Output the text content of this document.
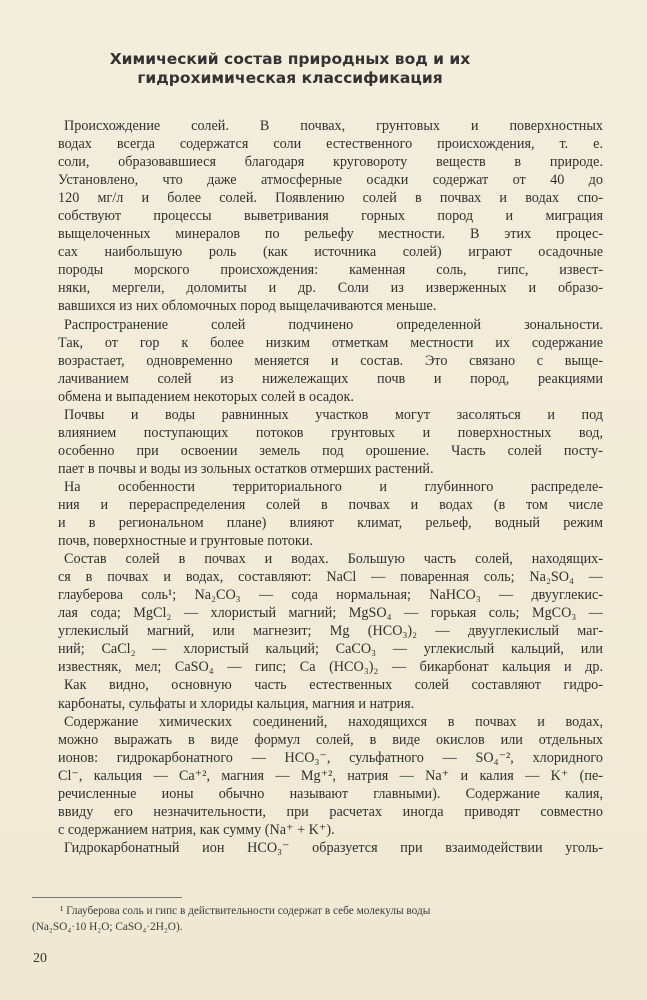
Химический состав природных вод и их
гидрохимическая классификация
Происхождение солей. В почвах, грунтовых и поверхностных
водах всегда содержатся соли естественного происхождения, т. е.
соли, образовавшиеся благодаря круговороту веществ в природе.
Установлено, что даже атмосферные осадки содержат от 40 до
120 мг/л и более солей. Появлению солей в почвах и водах спо-
собствуют процессы выветривания горных пород и миграция
выщелоченных минералов по рельефу местности. В этих процес-
сах наибольшую роль (как источника солей) играют осадочные
породы морского происхождения: каменная соль, гипс, извест-
няки, мергели, доломиты и др. Соли из изверженных и образо-
вавшихся из них обломочных пород выщелачиваются меньше.
Распространение солей подчинено определенной зональности.
Так, от гор к более низким отметкам местности их содержание
возрастает, одновременно меняется и состав. Это связано с выще-
лачиванием солей из нижележащих почв и пород, реакциями
обмена и выпадением некоторых солей в осадок.
Почвы и воды равнинных участков могут засоляться и под
влиянием поступающих потоков грунтовых и поверхностных вод,
особенно при освоении земель под орошение. Часть солей посту-
пает в почвы и воды из зольных остатков отмерших растений.
На особенности территориального и глубинного распределе-
ния и перераспределения солей в почвах и водах (в том числе
и в региональном плане) влияют климат, рельеф, водный режим
почв, поверхностные и грунтовые потоки.
Состав солей в почвах и водах. Большую часть солей, находящих-
ся в почвах и водах, составляют: NaCl — поваренная соль; Na₂SO₄ —
глауберова соль¹; Na₂CO₃ — сода нормальная; NaHCO₃ — двууглекис-
лая сода; MgCl₂ — хлористый магний; MgSO₄ — горькая соль; MgCO₃ —
углекислый магний, или магнезит; Mg (HCO₃)₂ — двууглекислый маг-
ний; CaCl₂ — хлористый кальций; CaCO₃ — углекислый кальций, или
известняк, мел; CaSO₄ — гипс; Ca (HCO₃)₂ — бикарбонат кальция и др.
Как видно, основную часть естественных солей составляют гидро-
карбонаты, сульфаты и хлориды кальция, магния и натрия.
Содержание химических соединений, находящихся в почвах и водах,
можно выражать в виде формул солей, в виде окислов или отдельных
ионов: гидрокарбонатного — HCO₃⁻, сульфатного — SO₄⁻², хлоридного
Cl⁻, кальция — Ca⁺², магния — Mg⁺², натрия — Na⁺ и калия — K⁺ (пе-
речисленные ионы обычно называют главными). Содержание калия,
ввиду его незначительности, при расчетах иногда приводят совместно
с содержанием натрия, как сумму (Na⁺ + K⁺).
Гидрокарбонатный ион HCO₃⁻ образуется при взаимодействии уголь-
¹ Глауберова соль и гипс в действительности содержат в себе молекулы воды
(Na₂SO₄·10 H₂O; CaSO₄·2H₂O).
20
